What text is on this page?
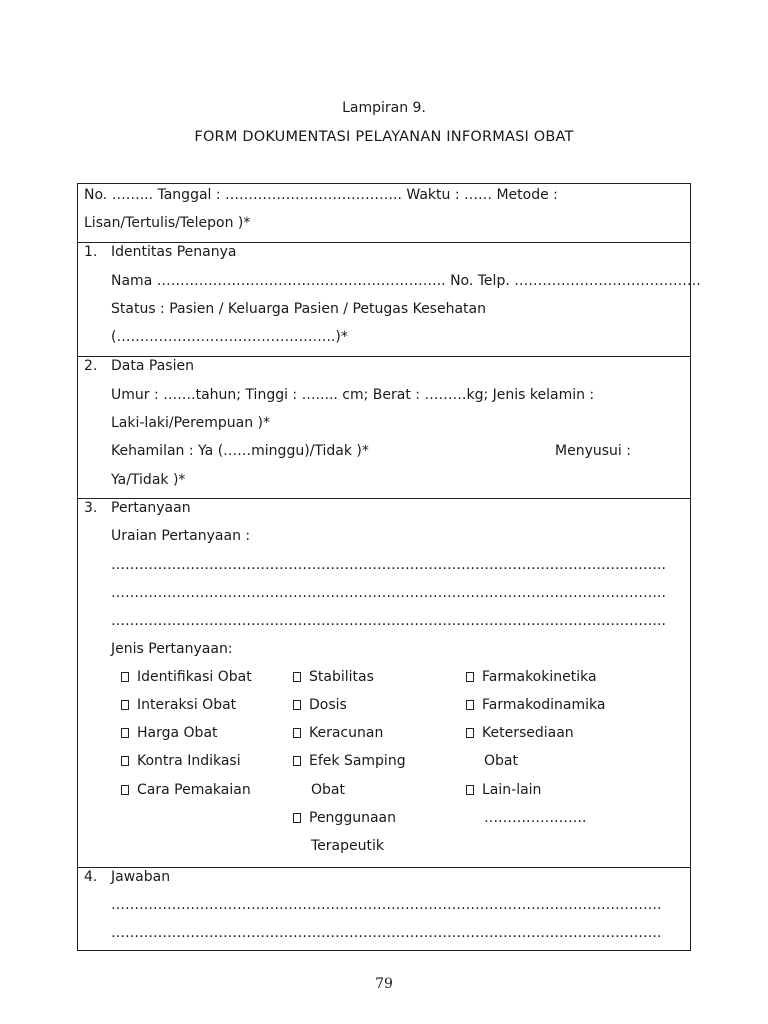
Lampiran 9.
FORM DOKUMENTASI PELAYANAN INFORMASI OBAT
No. ……... Tanggal : ……………………………….. Waktu : …… Metode :
Lisan/Tertulis/Telepon )*
1. Identitas Penanya
Nama …………………………………………………….. No. Telp. ………………………………….
Status : Pasien / Keluarga Pasien / Petugas Kesehatan
(………………………………………..)*
2. Data Pasien
Umur : …….tahun; Tinggi : …..... cm; Berat : ………kg; Jenis kelamin :
Laki-laki/Perempuan )*
Kehamilan : Ya (……minggu)/Tidak )*	Menyusui :
Ya/Tidak )*
3. Pertanyaan
Uraian Pertanyaan :
………………………………………………………………………………………………………..
………………………………………………………………………………………………………..
………………………………………………………………………………………………………..
Jenis Pertanyaan:
Identifikasi Obat
Interaksi Obat
Harga Obat
Kontra Indikasi
Cara Pemakaian
Stabilitas
Dosis
Keracunan
Efek Samping
Obat
Penggunaan
Terapeutik
Farmakokinetika
Farmakodinamika
Ketersediaan
Obat
Lain-lain
………………….
4. Jawaban
……………………………………………………………………………………………………….
……………………………………………………………………………………………………….
79
